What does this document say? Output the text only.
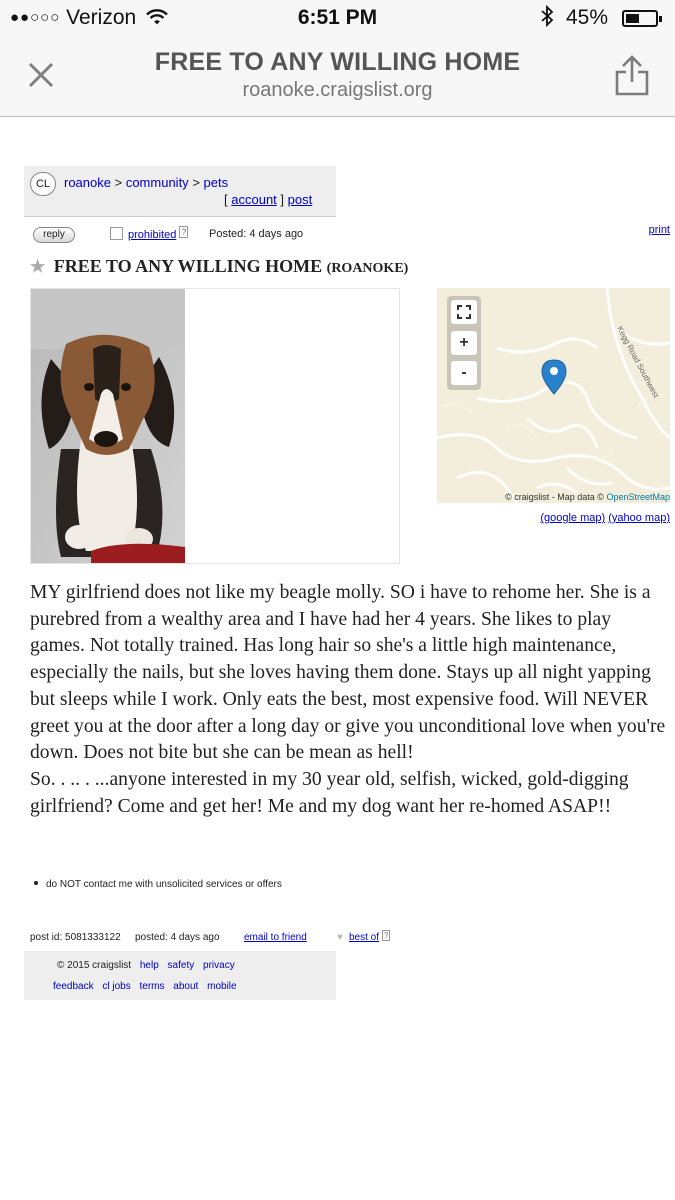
●●○○○ Verizon	6:51 PM	45%
FREE TO ANY WILLING HOME
roanoke.craigslist.org
CL	roanoke > community > pets
[ account ] post
reply	prohibited ? Posted: 4 days ago	print
★ FREE TO ANY WILLING HOME (ROANOKE)
Kegg Road Southwest
+
-
© craigslist - Map data © OpenStreetMap
(google map) (yahoo map)

MY girlfriend does not like my beagle molly. SO i have to rehome her. She is a purebred from a wealthy area and I have had her 4 years. She likes to play games. Not totally trained. Has long hair so she's a little high maintenance, especially the nails, but she loves having them done. Stays up all night yapping but sleeps while I work. Only eats the best, most expensive food. Will NEVER greet you at the door after a long day or give you unconditional love when you're down. Does not bite but she can be mean as hell!

So. . .. . ...anyone interested in my 30 year old, selfish, wicked, gold-digging girlfriend? Come and get her! Me and my dog want her re-homed ASAP!!

do NOT contact me with unsolicited services or offers
post id: 5081333122 posted: 4 days ago email to friend	♥ best of ?
© 2015 craigslist help safety privacy
feedback cl jobs terms about mobile
